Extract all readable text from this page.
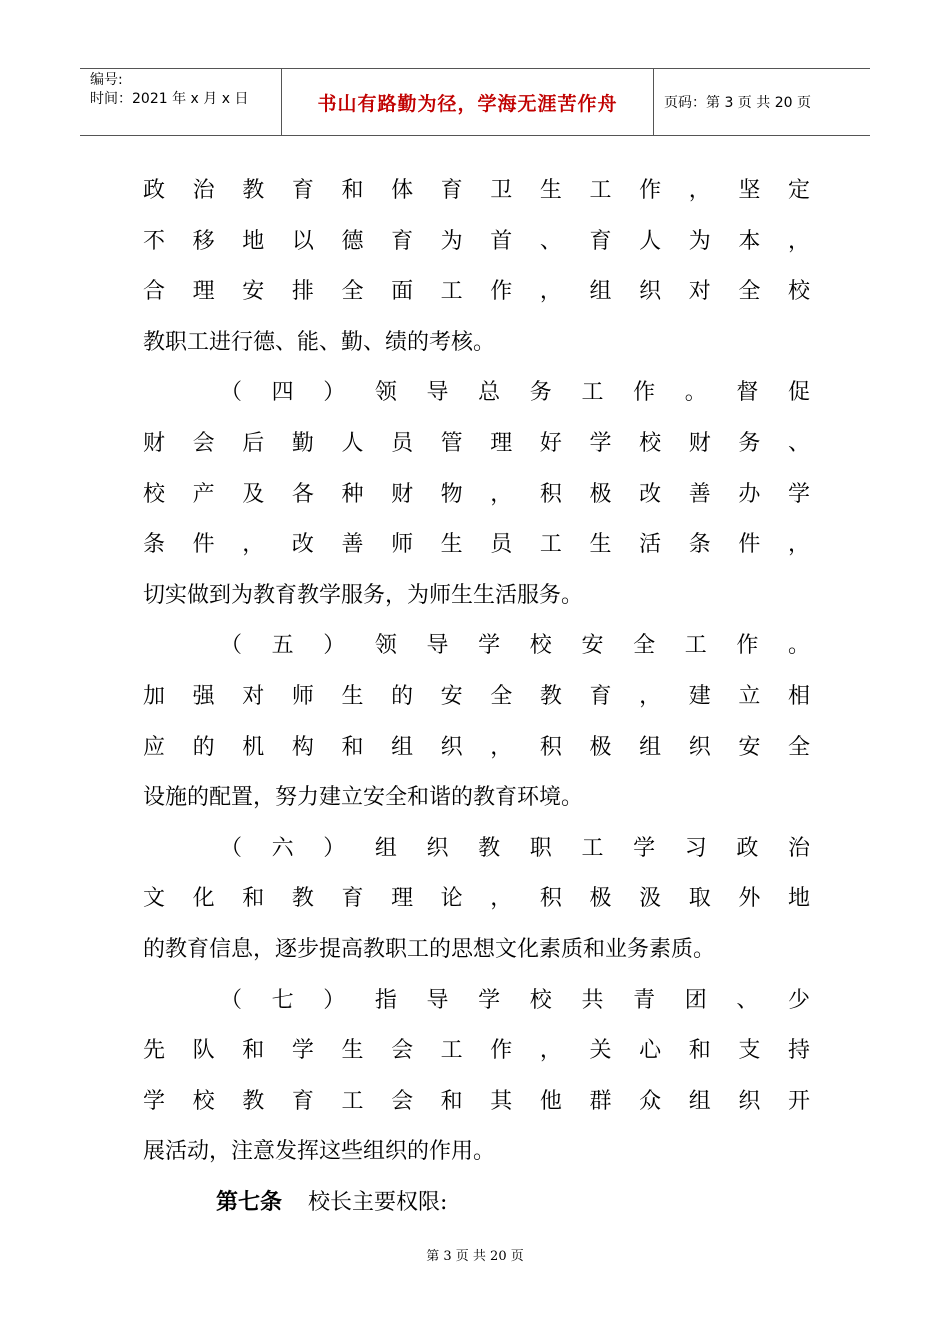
编号:
时间：2021 年 x 月 x 日	书山有路勤为径，学海无涯苦作舟	页码：第 3 页 共 20 页
政治教育和体育卫生工作，坚定
不移地以德育为首、育人为本，
合理安排全面工作，组织对全校
教职工进行德、能、勤、绩的考核。
（四）领导总务工作。督促
财会后勤人员管理好学校财务、
校产及各种财物，积极改善办学
条件，改善师生员工生活条件，
切实做到为教育教学服务，为师生生活服务。
（五）领导学校安全工作。
加强对师生的安全教育，建立相
应的机构和组织，积极组织安全
设施的配置，努力建立安全和谐的教育环境。
（六）组织教职工学习政治
文化和教育理论，积极汲取外地
的教育信息，逐步提高教职工的思想文化素质和业务素质。
（七）指导学校共青团、少
先队和学生会工作，关心和支持
学校教育工会和其他群众组织开
展活动，注意发挥这些组织的作用。
第七条 校长主要权限:
第 3 页 共 20 页
